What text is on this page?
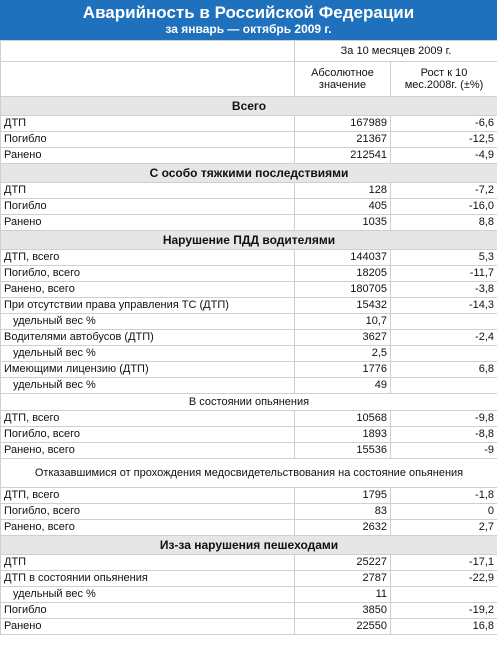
Аварийность в Российской Федерации
за январь — октябрь 2009 г.
	За 10 месяцев 2009 г.	
	Абсолютное значение	Рост к 10 мес.2008г. (±%)
Всего		
ДТП	167989	-6,6
Погибло	21367	-12,5
Ранено	212541	-4,9
С особо тяжкими последствиями		
ДТП	128	-7,2
Погибло	405	-16,0
Ранено	1035	8,8
Нарушение ПДД водителями		
ДТП, всего	144037	5,3
Погибло, всего	18205	-11,7
Ранено, всего	180705	-3,8
При отсутствии права управления ТС (ДТП)	15432	-14,3
удельный вес %	10,7	
Водителями автобусов (ДТП)	3627	-2,4
удельный вес %	2,5	
Имеющими лицензию (ДТП)	1776	6,8
удельный вес %	49	
В состоянии опьянения		
ДТП, всего	10568	-9,8
Погибло, всего	1893	-8,8
Ранено, всего	15536	-9
Отказавшимися от прохождения медосвидетельствования на состояние опьянения		
ДТП, всего	1795	-1,8
Погибло, всего	83	0
Ранено, всего	2632	2,7
Из-за нарушения пешеходами		
ДТП	25227	-17,1
ДТП в состоянии опьянения	2787	-22,9
удельный вес %	11	
Погибло	3850	-19,2
Ранено	22550	16,8
